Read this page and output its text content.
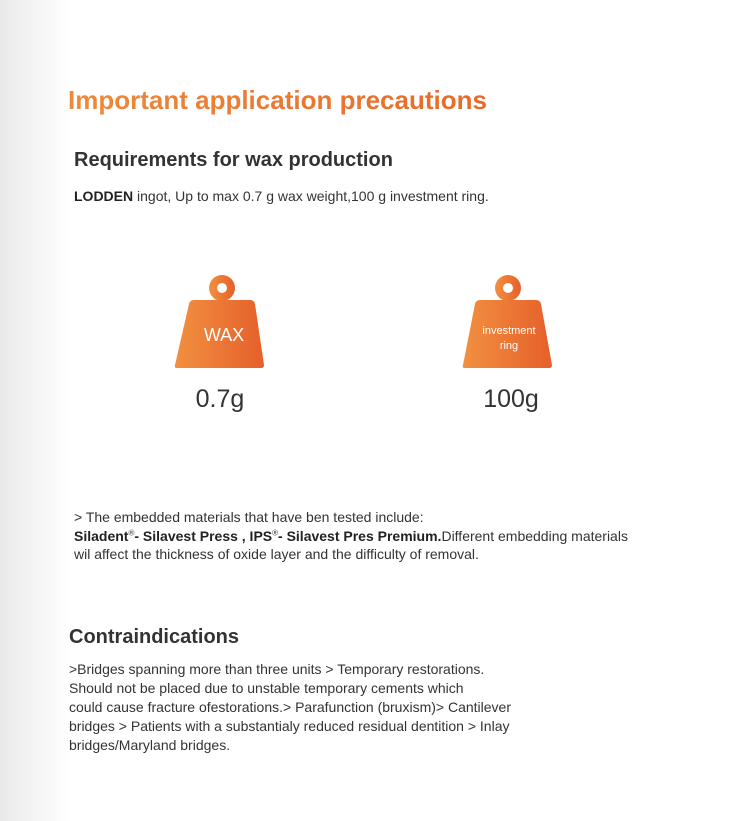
Important application precautions
Requirements for wax production
LODDEN ingot, Up to max 0.7 g wax weight,100 g investment ring.
WAX
0.7g
investment
ring
100g
> The embedded materials that have ben tested include:
Siladent®- Silavest Press , IPS®- Silavest Pres Premium.Different embedding materials
wil affect the thickness of oxide layer and the difficulty of removal.
Contraindications
>Bridges spanning more than three units > Temporary restorations.
Should not be placed due to unstable temporary cements which
could cause fracture ofestorations.> Parafunction (bruxism)> Cantilever
bridges > Patients with a substantialy reduced residual dentition > Inlay
bridges/Maryland bridges.
